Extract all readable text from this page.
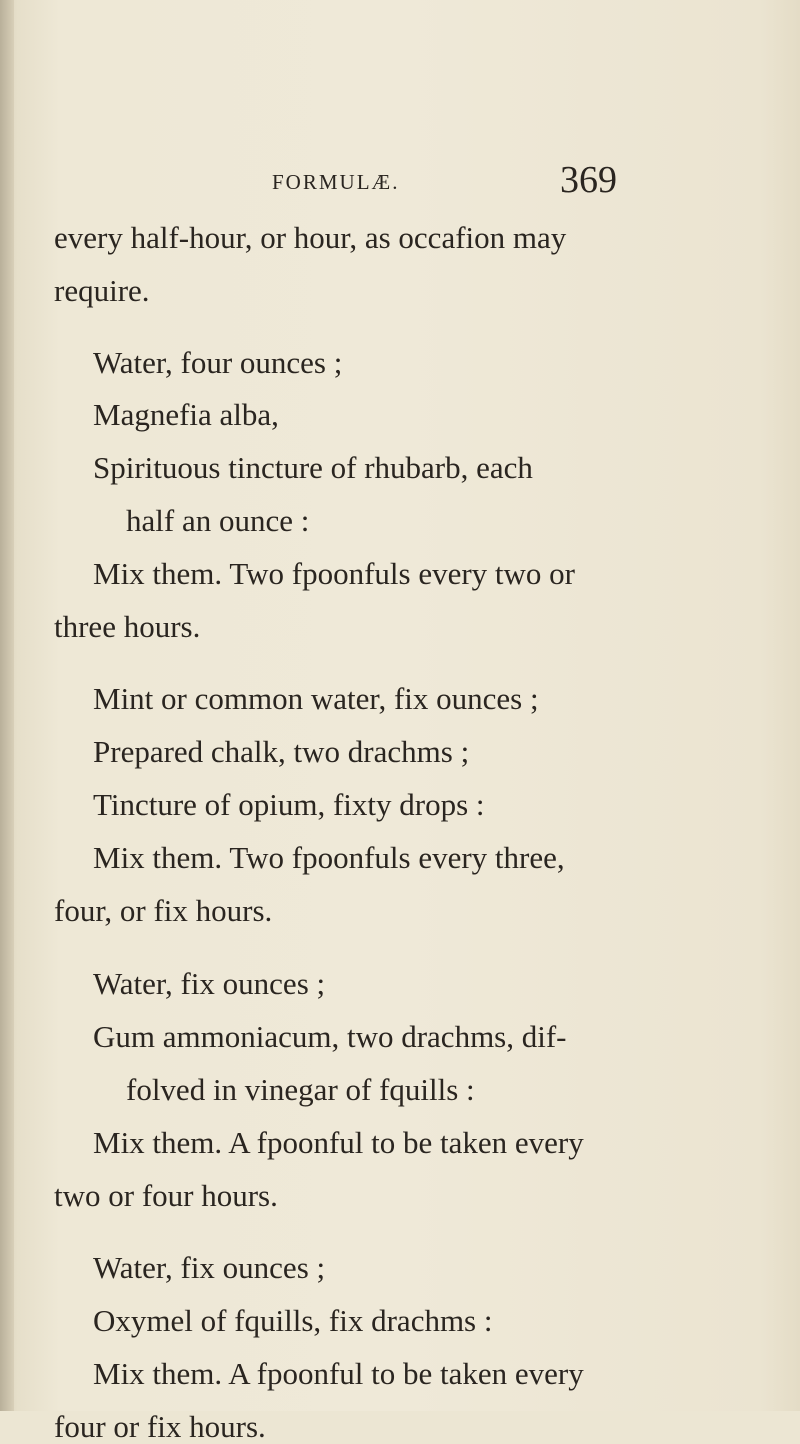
FORMULÆ.	369
every half-hour, or hour, as occafion may
require.
Water, four ounces ;
Magnefia alba,
Spirituous tincture of rhubarb, each
half an ounce :
Mix them. Two fpoonfuls every two or
three hours.
Mint or common water, fix ounces ;
Prepared chalk, two drachms ;
Tincture of opium, fixty drops :
Mix them. Two fpoonfuls every three,
four, or fix hours.
Water, fix ounces ;
Gum ammoniacum, two drachms, dif-
folved in vinegar of fquills :
Mix them. A fpoonful to be taken every
two or four hours.
Water, fix ounces ;
Oxymel of fquills, fix drachms :
Mix them. A fpoonful to be taken every
four or fix hours.
